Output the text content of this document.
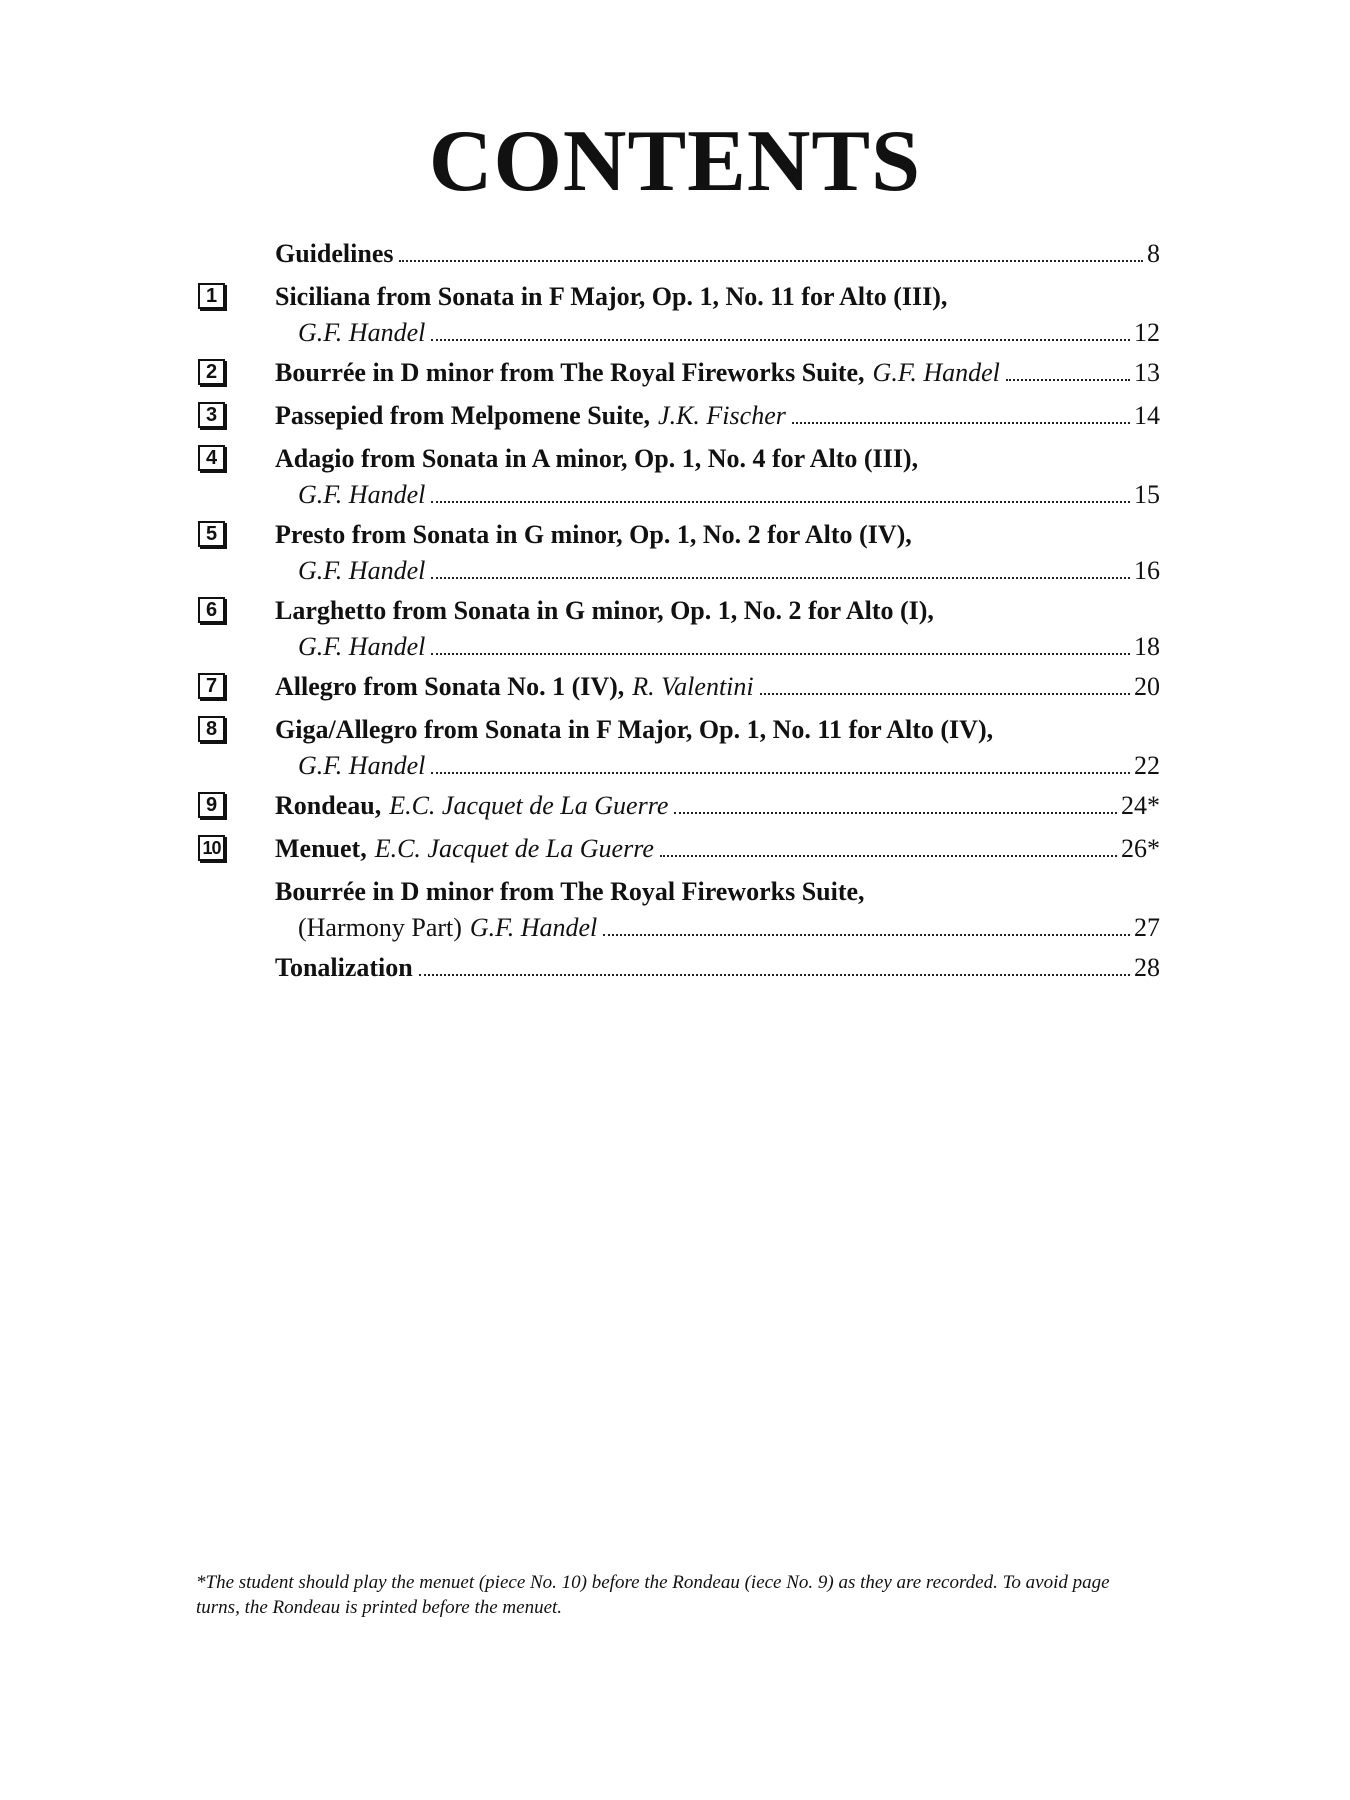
CONTENTS
Guidelines	8
1	Siciliana from Sonata in F Major, Op. 1, No. 11 for Alto (III),
G.F. Handel	12
2	Bourrée in D minor from The Royal Fireworks Suite, G.F. Handel	13
3	Passepied from Melpomene Suite, J.K. Fischer	14
4	Adagio from Sonata in A minor, Op. 1, No. 4 for Alto (III),
G.F. Handel	15
5	Presto from Sonata in G minor, Op. 1, No. 2 for Alto (IV),
G.F. Handel	16
6	Larghetto from Sonata in G minor, Op. 1, No. 2 for Alto (I),
G.F. Handel	18
7	Allegro from Sonata No. 1 (IV), R. Valentini	20
8	Giga/Allegro from Sonata in F Major, Op. 1, No. 11 for Alto (IV),
G.F. Handel	22
9	Rondeau, E.C. Jacquet de La Guerre	24*
10 Menuet, E.C. Jacquet de La Guerre	26*
Bourrée in D minor from The Royal Fireworks Suite,
(Harmony Part) G.F. Handel	27
Tonalization	28
*The student should play the menuet (piece No. 10) before the Rondeau (iece No. 9) as they are recorded. To avoid page turns, the Rondeau is printed before the menuet.
